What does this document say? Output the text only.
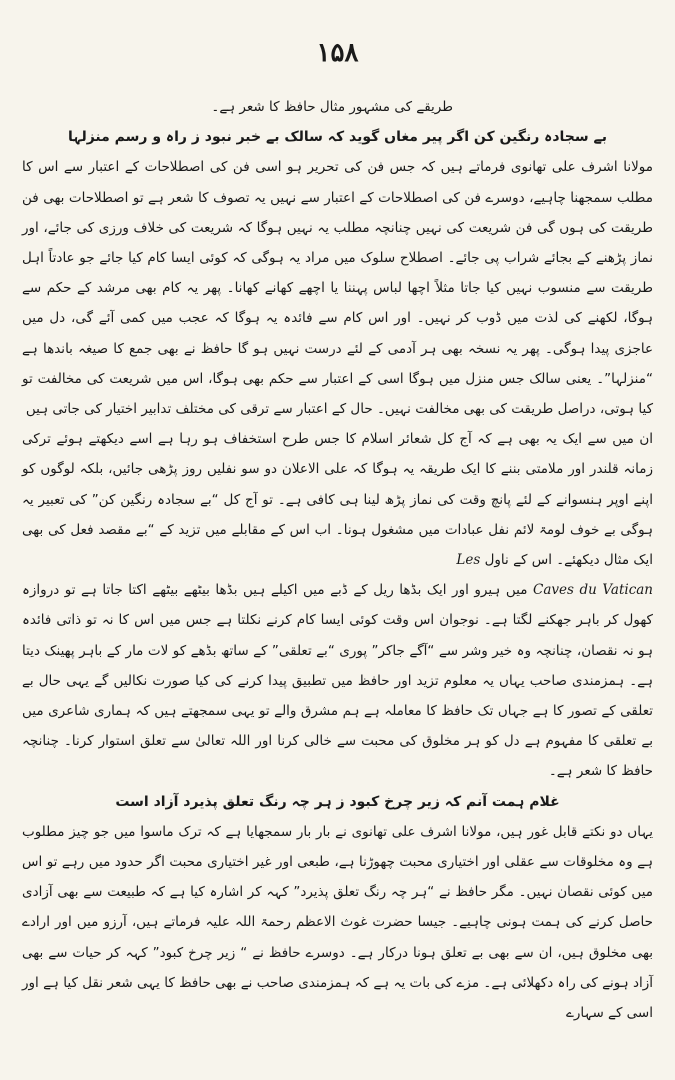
۱۵۸

طریقے کی مشہور مثال حافظ کا شعر ہے۔

بے سجادہ رنگین کن اگر پیر مغاں گوید کہ سالک بے خبر نبود ز راہ و رسم منزلہا

مولانا اشرف علی تھانوی فرماتے ہیں کہ جس فن کی تحریر ہو اسی فن کی اصطلاحات کے اعتبار سے اس کا مطلب سمجھنا چاہیے، دوسرے فن کی اصطلاحات کے اعتبار سے نہیں یہ تصوف کا شعر ہے تو اصطلاحات بھی فن طریقت کی ہوں گی فن شریعت کی نہیں چنانچہ مطلب یہ نہیں ہوگا کہ شریعت کی خلاف ورزی کی جائے، اور نماز پڑھنے کے بجائے شراب پی جائے۔ اصطلاح سلوک میں مراد یہ ہوگی کہ کوئی ایسا کام کیا جائے جو عادتاً اہل طریقت سے منسوب نہیں کیا جاتا مثلاً اچھا لباس پہننا یا اچھے کھانے کھانا۔ پھر یہ کام بھی مرشد کے حکم سے ہوگا، لکھنے کی لذت میں ڈوب کر نہیں۔ اور اس کام سے فائدہ یہ ہوگا کہ عجب میں کمی آئے گی، دل میں عاجزی پیدا ہوگی۔ پھر یہ نسخہ بھی ہر آدمی کے لئے درست نہیں ہو گا حافظ نے بھی جمع کا صیغہ باندھا ہے “منزلہا”۔ یعنی سالک جس منزل میں ہوگا اسی کے اعتبار سے حکم بھی ہوگا، اس میں شریعت کی مخالفت تو کیا ہوتی، دراصل طریقت کی بھی مخالفت نہیں۔ حال کے اعتبار سے ترقی کی مختلف تدابیر اختیار کی جاتی ہیں

ان میں سے ایک یہ بھی ہے کہ آج کل شعائر اسلام کا جس طرح استخفاف ہو رہا ہے اسے دیکھتے ہوئے ترکی زمانہ قلندر اور ملامتی بننے کا ایک طریقہ یہ ہوگا کہ علی الاعلان دو سو نفلیں روز پڑھی جائیں، بلکہ لوگوں کو اپنے اوپر ہنسوانے کے لئے پانچ وقت کی نماز پڑھ لینا ہی کافی ہے۔ تو آج کل “بے سجادہ رنگین کن” کی تعبیر یہ ہوگی بے خوف لومۃ لائم نفل عبادات میں مشغول ہونا۔ اب اس کے مقابلے میں تزید کے “بے مقصد فعل کی بھی ایک مثال دیکھئے۔ اس کے ناول Les

Caves du Vatican میں ہیرو اور ایک بڈھا ریل کے ڈبے میں اکیلے ہیں بڈھا بیٹھے بیٹھے اکتا جاتا ہے تو دروازہ کھول کر باہر جھکنے لگتا ہے۔ نوجوان اس وقت کوئی ایسا کام کرنے نکلتا ہے جس میں اس کا نہ تو ذاتی فائدہ ہو نہ نقصان، چنانچہ وہ خیر وشر سے “آگے جاکر” پوری “بے تعلقی” کے ساتھ بڈھے کو لات مار کے باہر پھینک دیتا ہے۔ ہمزمندی صاحب یہاں یہ معلوم تزید اور حافظ میں تطبیق پیدا کرنے کی کیا صورت نکالیں گے یہی حال بے تعلقی کے تصور کا ہے جہاں تک حافظ کا معاملہ ہے ہم مشرق والے تو یہی سمجھتے ہیں کہ ہماری شاعری میں بے تعلقی کا مفہوم ہے دل کو ہر مخلوق کی محبت سے خالی کرنا اور اللہ تعالیٰ سے تعلق استوار کرنا۔ چنانچہ حافظ کا شعر ہے۔

غلام ہمت آنم کہ زیر چرخ کبود ز ہر چہ رنگ تعلق پذیرد آزاد است

یہاں دو نکتے قابل غور ہیں، مولانا اشرف علی تھانوی نے بار بار سمجھایا ہے کہ ترک ماسوا میں جو چیز مطلوب ہے وہ مخلوقات سے عقلی اور اختیاری محبت چھوڑنا ہے، طبعی اور غیر اختیاری محبت اگر حدود میں رہے تو اس میں کوئی نقصان نہیں۔ مگر حافظ نے “ہر چہ رنگ تعلق پذیرد” کہہ کر اشارہ کیا ہے کہ طبیعت سے بھی آزادی حاصل کرنے کی ہمت ہونی چاہیے۔ جیسا حضرت غوث الاعظم رحمۃ اللہ علیہ فرماتے ہیں، آرزو میں اور ارادے بھی مخلوق ہیں، ان سے بھی بے تعلق ہونا درکار ہے۔ دوسرے حافظ نے “ زیر چرخ کبود” کہہ کر حیات سے بھی آزاد ہونے کی راہ دکھلائی ہے۔ مزے کی بات یہ ہے کہ ہمزمندی صاحب نے بھی حافظ کا یہی شعر نقل کیا ہے اور اسی کے سہارے
